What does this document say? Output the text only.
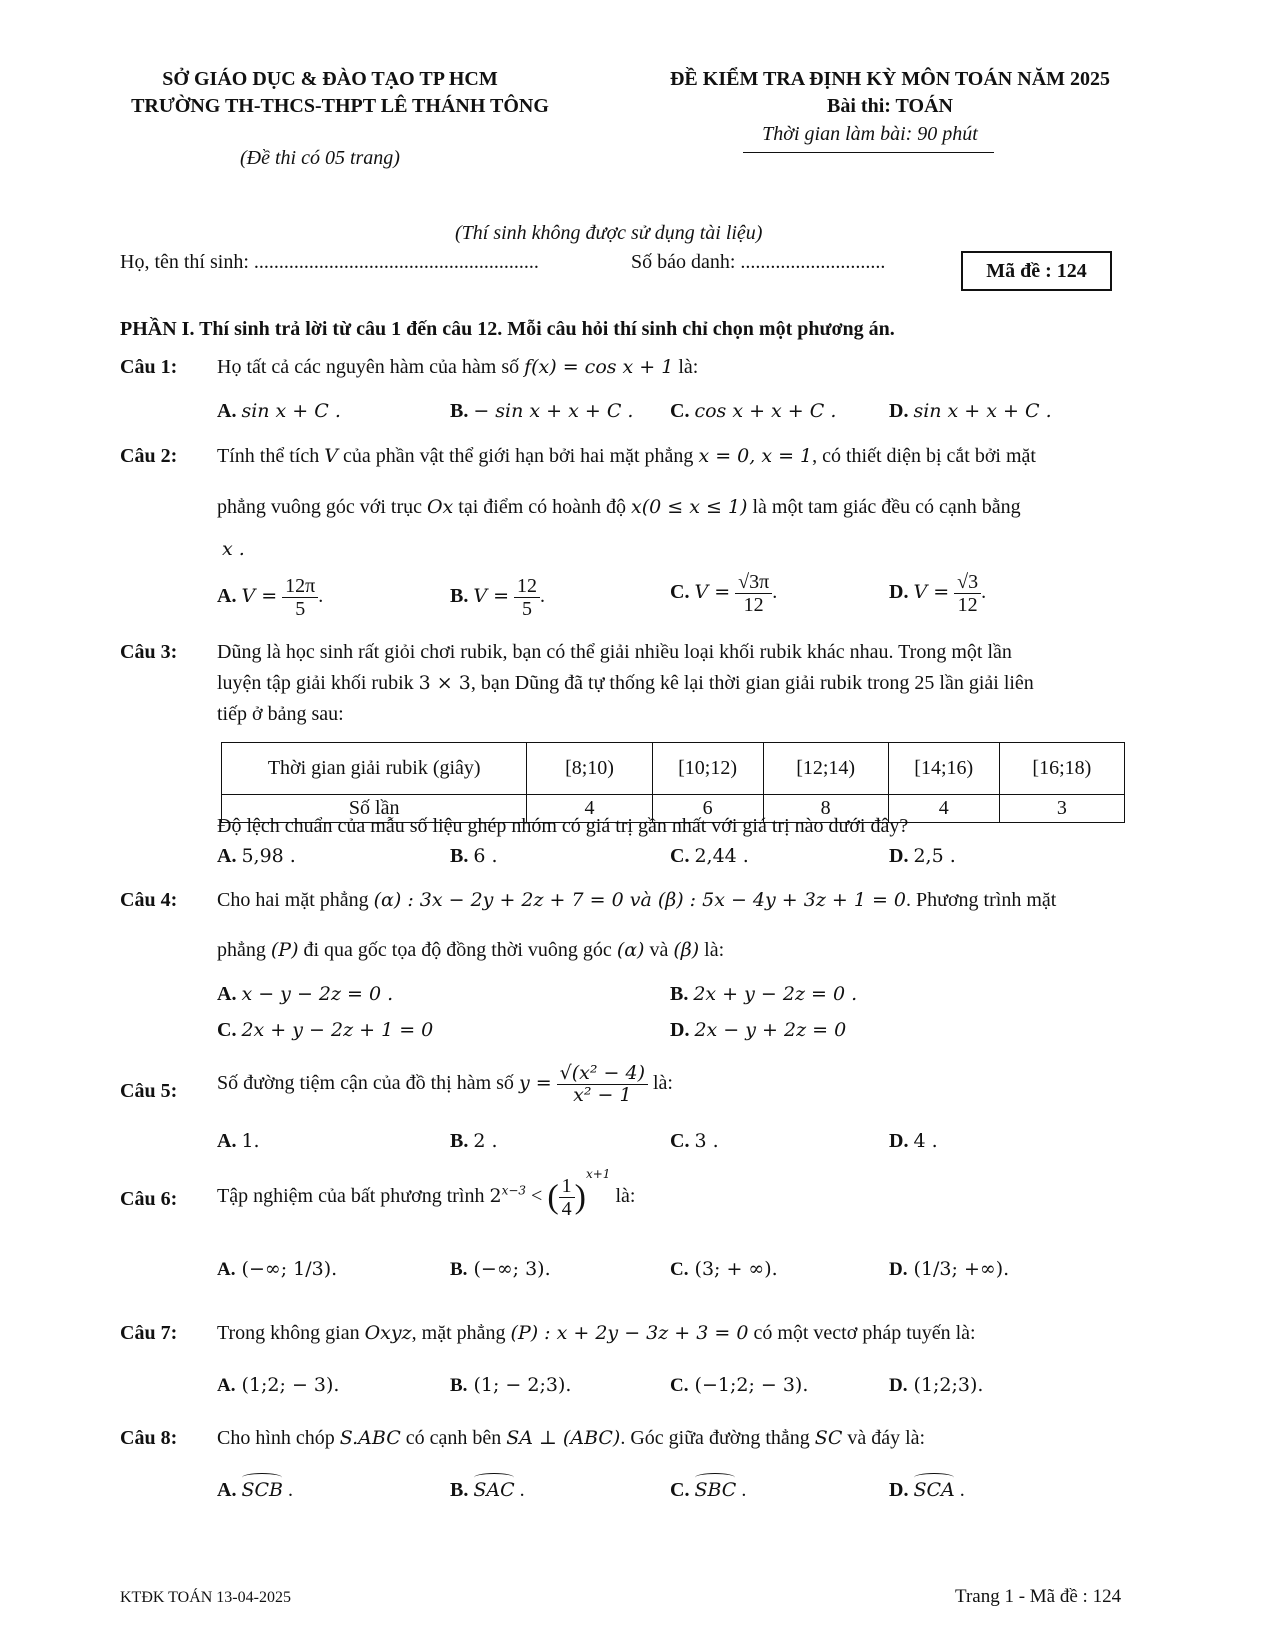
SỞ GIÁO DỤC & ĐÀO TẠO TP HCM
TRƯỜNG TH-THCS-THPT LÊ THÁNH TÔNG
(Đề thi có 05 trang)
ĐỀ KIỂM TRA ĐỊNH KỲ MÔN TOÁN NĂM 2025
Bài thi: TOÁN
Thời gian làm bài: 90 phút
(Thí sinh không được sử dụng tài liệu)
Họ, tên thí sinh: .........................................................	Số báo danh: .............................	Mã đề : 124
PHẦN I. Thí sinh trả lời từ câu 1 đến câu 12. Mỗi câu hỏi thí sinh chỉ chọn một phương án.
Câu 1: Họ tất cả các nguyên hàm của hàm số f(x) = cos x + 1 là:
A. sin x + C .	B. − sin x + x + C . C. cos x + x + C .	D. sin x + x + C .
Câu 2: Tính thể tích V của phần vật thể giới hạn bởi hai mặt phẳng x = 0, x = 1, có thiết diện bị cắt bởi mặt
phẳng vuông góc với trục Ox tại điểm có hoành độ x(0 ≤ x ≤ 1) là một tam giác đều có cạnh bằng
x .
A. $V = \frac{12\pi}{5}$ .	B. $V = \frac{12}{5}$ .	C. $V = \frac{√3\pi}{12}$ .	D. $V = \frac{√3}{12}$ .
Câu 3: Dũng là học sinh rất giỏi chơi rubik, bạn có thể giải nhiều loại khối rubik khác nhau. Trong một lần
luyện tập giải khối rubik 3 × 3, bạn Dũng đã tự thống kê lại thời gian giải rubik trong 25 lần giải liên
tiếp ở bảng sau:
Thời gian giải rubik (giây)	[8;10)	[10;12)	[12;14)	[14;16)	[16;18)
Số lần	4	6	8	4	3
Độ lệch chuẩn của mẫu số liệu ghép nhóm có giá trị gần nhất với giá trị nào dưới đây?
A. 5,98 .	B. 6 .	C. 2,44 .	D. 2,5 .
Câu 4: Cho hai mặt phẳng (α) : 3x − 2y + 2z + 7 = 0 và (β) : 5x − 4y + 3z + 1 = 0. Phương trình mặt
phẳng (P) đi qua gốc tọa độ đồng thời vuông góc (α) và (β) là:
A. x − y − 2z = 0 .	B. 2x + y − 2z = 0 .
C. 2x + y − 2z + 1 = 0	D. 2x − y + 2z = 0
Câu 5: Số đường tiệm cận của đồ thị hàm số $y = \frac{\text{√(x² − 4)}}{\text{x² − 1}}$ là:
A. 1.	B. 2 .	C. 3 .	D. 4 .
Câu 6: Tập nghiệm của bất phương trình $2^{x-3}$ < ( $\frac{1}{4} )^{x+1}$ là:
A. (−∞; 1/3).	B. (−∞; 3).	C. (3; + ∞).	D. (1/3; +∞).
Câu 7: Trong không gian Oxyz, mặt phẳng (P) : x + 2y − 3z + 3 = 0 có một vectơ pháp tuyến là:
A. (1;2; − 3).	B. (1; − 2;3).	C. (−1;2; − 3).	D. (1;2;3).
Câu 8: Cho hình chóp S.ABC có cạnh bên SA ⊥ (ABC). Góc giữa đường thẳng SC và đáy là:
A. SCB .	B. SAC .	C. SBC .	D. SCA .
KTĐK TOÁN 13-04-2025	Trang 1 - Mã đề : 124
